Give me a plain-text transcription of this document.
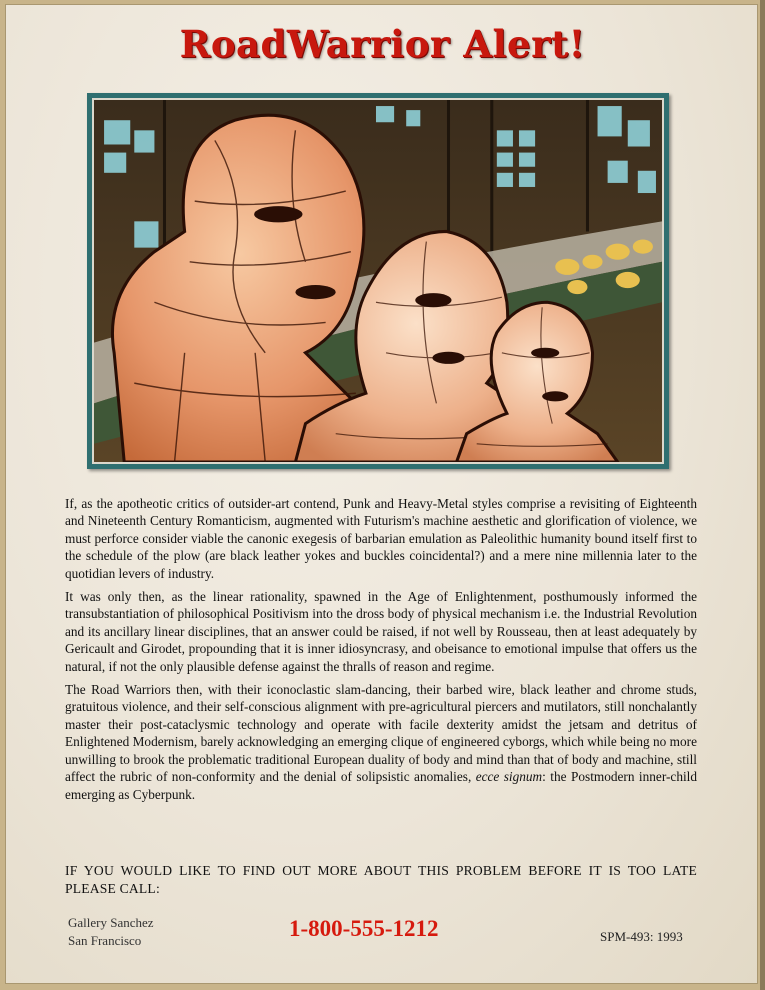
RoadWarrior Alert!

If, as the apotheotic critics of outsider-art contend, Punk and Heavy-Metal styles comprise a revisiting of Eighteenth and Nineteenth Century Romanticism, augmented with Futurism's machine aesthetic and glorification of violence, we must perforce consider viable the canonic exegesis of barbarian emulation as Paleolithic humanity bound itself first to the schedule of the plow (are black leather yokes and buckles coincidental?) and a mere nine millennia later to the quotidian levers of industry.

It was only then, as the linear rationality, spawned in the Age of Enlightenment, posthumously informed the transubstantiation of philosophical Positivism into the dross body of physical mechanism i.e. the Industrial Revolution and its ancillary linear disciplines, that an answer could be raised, if not well by Rousseau, then at least adequately by Gericault and Girodet, propounding that it is inner idiosyncrasy, and obeisance to emotional impulse that offers us the natural, if not the only plausible defense against the thralls of reason and regime.

The Road Warriors then, with their iconoclastic slam-dancing, their barbed wire, black leather and chrome studs, gratuitous violence, and their self-conscious alignment with pre-agricultural piercers and mutilators, still nonchalantly master their post-cataclysmic technology and operate with facile dexterity amidst the jetsam and detritus of Enlightened Modernism, barely acknowledging an emerging clique of engineered cyborgs, which while being no more unwilling to brook the problematic traditional European duality of body and mind than that of body and machine, still affect the rubric of non-conformity and the denial of solipsistic anomalies, ecce signum: the Postmodern inner-child emerging as Cyberpunk.

IF YOU WOULD LIKE TO FIND OUT MORE ABOUT THIS PROBLEM BEFORE IT IS TOO LATE PLEASE CALL:
Gallery Sanchez
San Francisco	1-800-555-1212	SPM-493: 1993
